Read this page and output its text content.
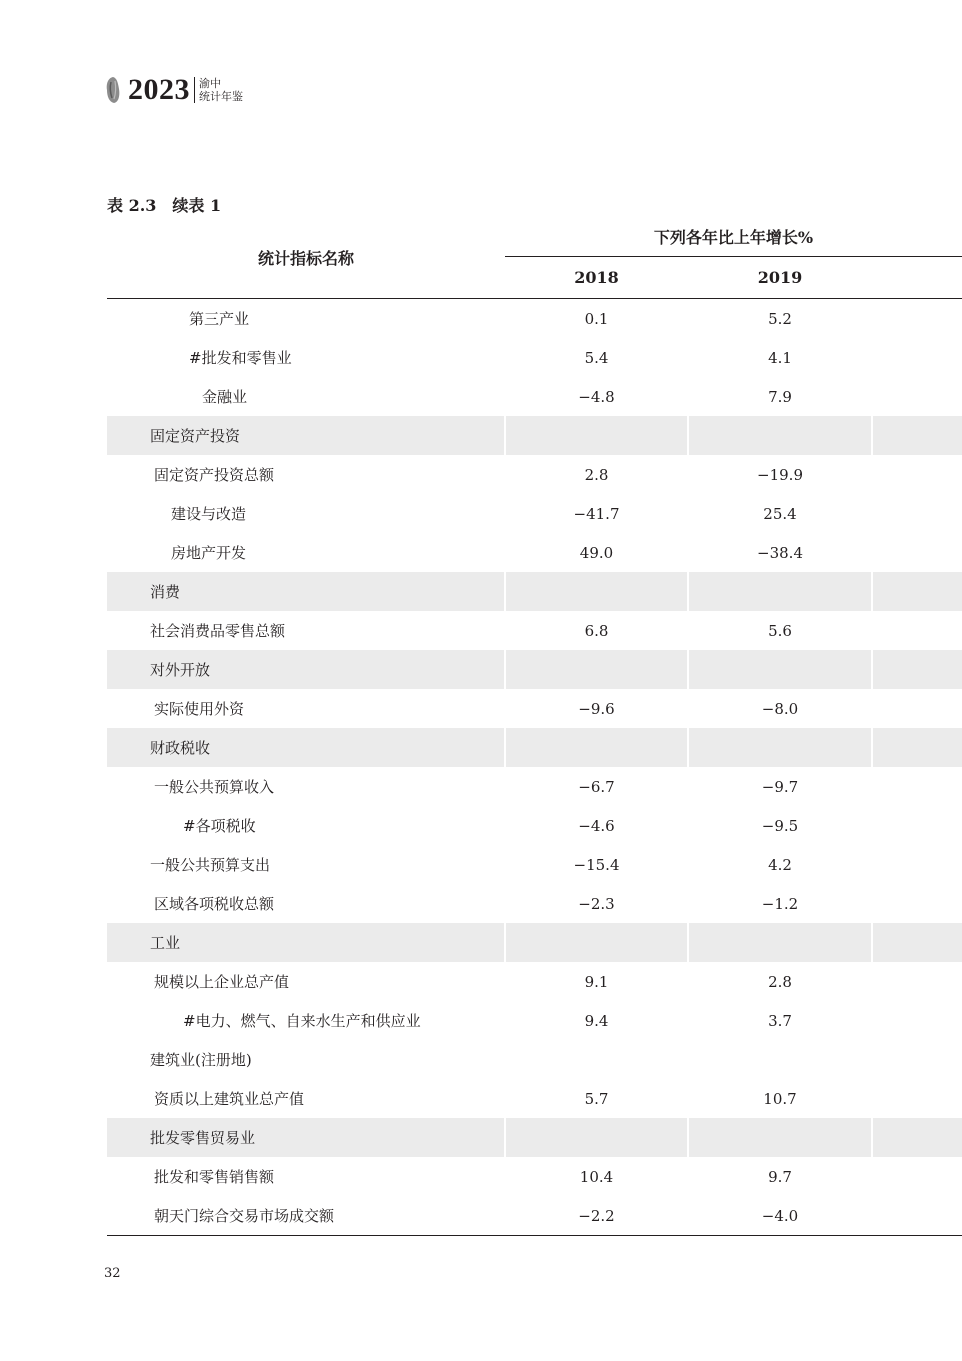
2023 渝中
统计年鉴
表 2.3　续表 1
统计指标名称	下列各年比上年增长%		
	2018	2019	
第三产业	0.1	5.2	
#批发和零售业	5.4	4.1	
金融业	−4.8	7.9	
固定资产投资			
固定资产投资总额	2.8	−19.9	
建设与改造	−41.7	25.4	
房地产开发	49.0	−38.4	
消费			
社会消费品零售总额	6.8	5.6	
对外开放			
实际使用外资	−9.6	−8.0	
财政税收			
一般公共预算收入	−6.7	−9.7	
#各项税收	−4.6	−9.5	
一般公共预算支出	−15.4	4.2	
区域各项税收总额	−2.3	−1.2	
工业			
规模以上企业总产值	9.1	2.8	
#电力、燃气、自来水生产和供应业	9.4	3.7	
建筑业(注册地)			
资质以上建筑业总产值	5.7	10.7	
批发零售贸易业			
批发和零售销售额	10.4	9.7	
朝天门综合交易市场成交额	−2.2	−4.0	
32
